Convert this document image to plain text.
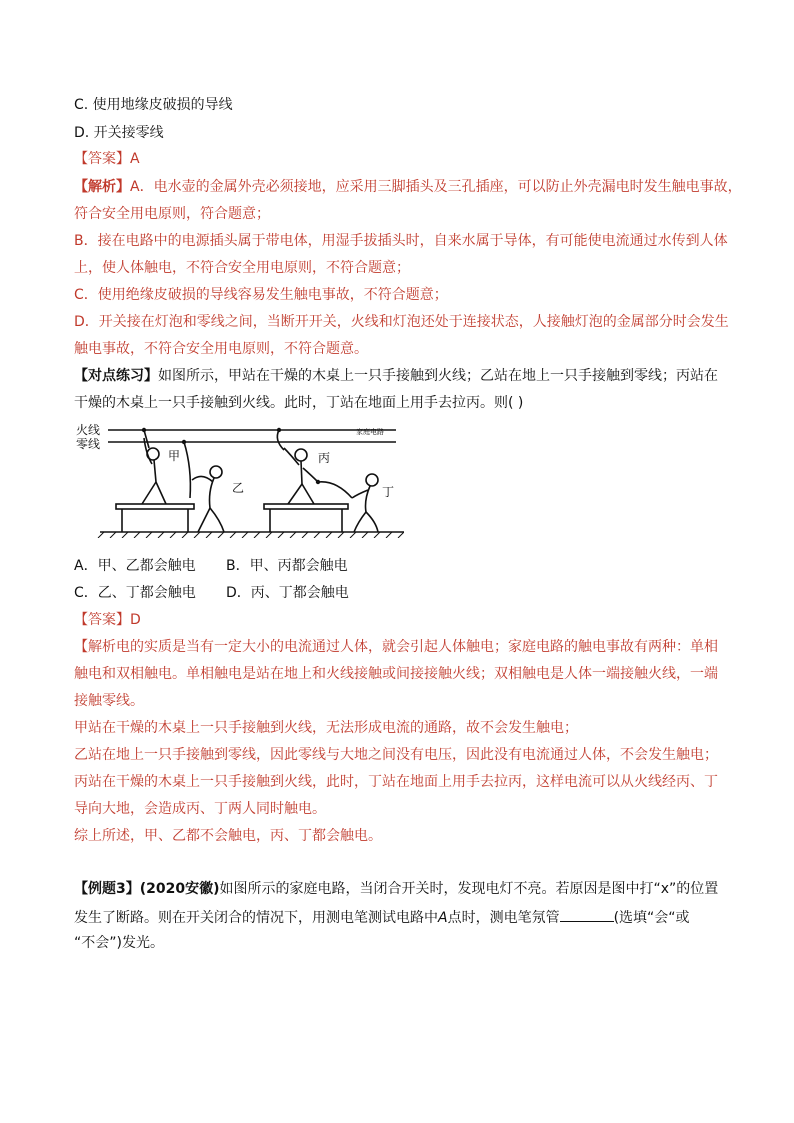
C. 使用地缘皮破损的导线
D. 开关接零线
【答案】A
【解析】A．电水壶的金属外壳必须接地，应采用三脚插头及三孔插座，可以防止外壳漏电时发生触电事故，
符合安全用电原则，符合题意；
B．接在电路中的电源插头属于带电体，用湿手拔插头时，自来水属于导体，有可能使电流通过水传到人体
上，使人体触电，不符合安全用电原则，不符合题意；
C．使用绝缘皮破损的导线容易发生触电事故，不符合题意；
D．开关接在灯泡和零线之间，当断开开关，火线和灯泡还处于连接状态，人接触灯泡的金属部分时会发生
触电事故，不符合安全用电原则，不符合题意。
【对点练习】如图所示，甲站在干燥的木桌上一只手接触到火线；乙站在地上一只手接触到零线；丙站在
干燥的木桌上一只手接触到火线。此时，丁站在地面上用手去拉丙。则( )
火线
零线
家庭电路
甲
乙
丙
丁
A．甲、乙都会触电 B．甲、丙都会触电
C．乙、丁都会触电 D．丙、丁都会触电
【答案】D
【解析电的实质是当有一定大小的电流通过人体，就会引起人体触电；家庭电路的触电事故有两种：单相
触电和双相触电。单相触电是站在地上和火线接触或间接接触火线；双相触电是人体一端接触火线，一端
接触零线。
甲站在干燥的木桌上一只手接触到火线，无法形成电流的通路，故不会发生触电；
乙站在地上一只手接触到零线，因此零线与大地之间没有电压，因此没有电流通过人体，不会发生触电；
丙站在干燥的木桌上一只手接触到火线，此时，丁站在地面上用手去拉丙，这样电流可以从火线经丙、丁
导向大地，会造成丙、丁两人同时触电。
综上所述，甲、乙都不会触电，丙、丁都会触电。
【例题3】(2020安徽)如图所示的家庭电路，当闭合开关时，发现电灯不亮。若原因是图中打“x”的位置
发生了断路。则在开关闭合的情况下，用测电笔测试电路中A点时，测电笔氖管	(选填“会“或
“不会”)发光。
